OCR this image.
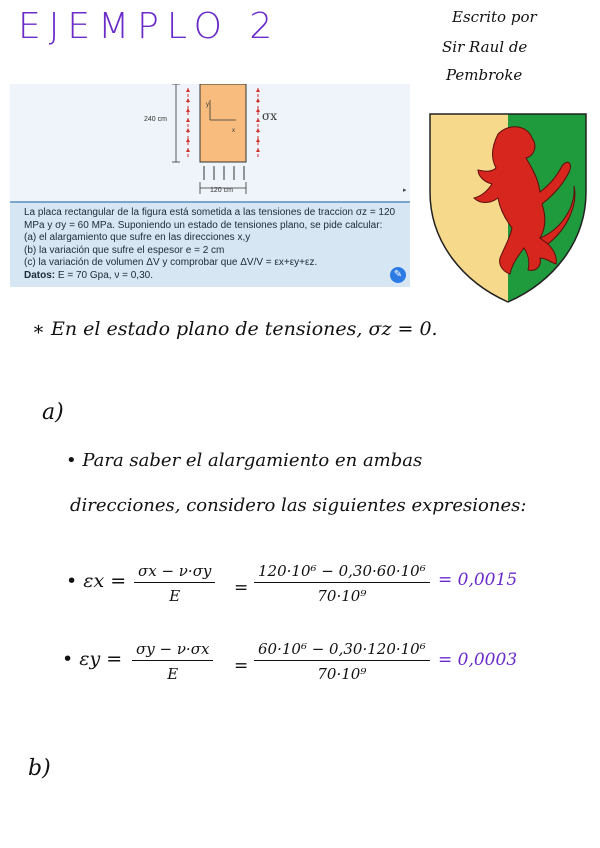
EJEMPLO 2	Escrito por
Sir Raul de
Pembroke
240 cm
120 cm
y
x
σx
▸
La placa rectangular de la figura está sometida a las tensiones de traccion σz = 120
MPa y σy = 60 MPa. Suponiendo un estado de tensiones plano, se pide calcular:
(a) el alargamiento que sufre en las direcciones x,y
(b) la variación que sufre el espesor e = 2 cm
(c) la variación de volumen ΔV y comprobar que ΔV/V = εx+εy+εz.
Datos: E = 70 Gpa, ν = 0,30.	✎
∗ En el estado plano de tensiones, σz = 0.
a)
• Para saber el alargamiento en ambas
direcciones, considero las siguientes expresiones:
• $\varepsilon x = \frac{\sigma x - \nu\cdot\sigma y}{E} = \frac{\text{120·10⁶ − 0,30·60·10⁶}}{\text{70·10⁹}} = 0,0015$
• $\varepsilon y = \frac{\sigma y - \nu\cdot\sigma x}{E} = \frac{\text{60·10⁶ − 0,30·120·10⁶}}{\text{70·10⁹}} = 0,0003$
b)
